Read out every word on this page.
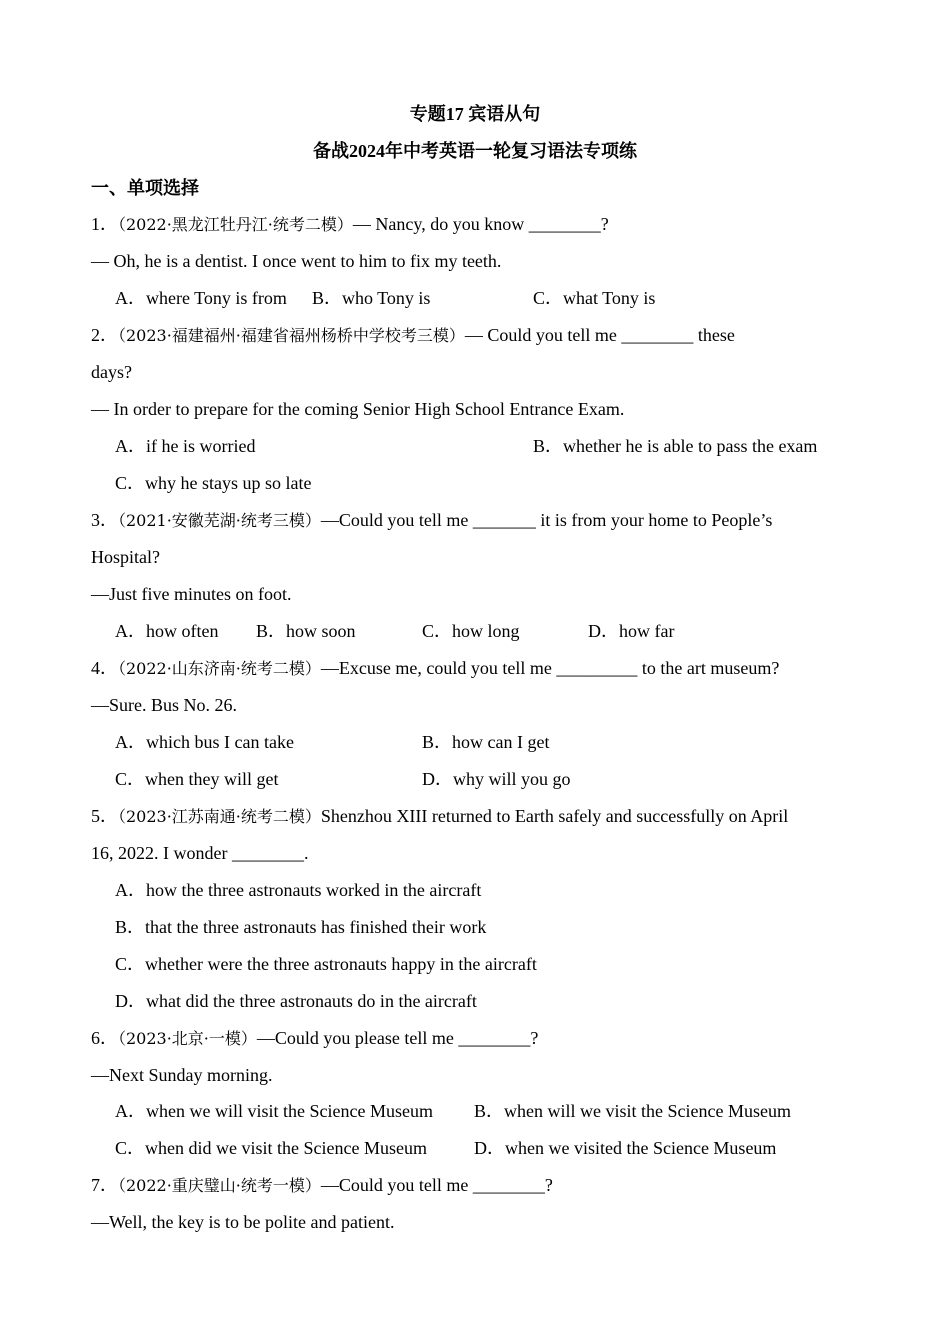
专题17 宾语从句
备战2024年中考英语一轮复习语法专项练
一、单项选择
1．（2022·黑龙江牡丹江·统考二模）— Nancy, do you know ________?
— Oh, he is a dentist. I once went to him to fix my teeth.
A．where Tony is from B．who Tony is	C．what Tony is
2．（2023·福建福州·福建省福州杨桥中学校考三模）— Could you tell me ________ these
days?
— In order to prepare for the coming Senior High School Entrance Exam.
A．if he is worried	B．whether he is able to pass the exam
C．why he stays up so late
3．（2021·安徽芜湖·统考三模）—Could you tell me _______ it is from your home to People’s
Hospital?
—Just five minutes on foot.
A．how often B．how soon	C．how long	D．how far
4．（2022·山东济南·统考二模）—Excuse me, could you tell me _________ to the art museum?
—Sure. Bus No. 26.
A．which bus I can take	B．how can I get
C．when they will get	D．why will you go
5．（2023·江苏南通·统考二模）Shenzhou XIII returned to Earth safely and successfully on April
16, 2022. I wonder ________.
A．how the three astronauts worked in the aircraft
B．that the three astronauts has finished their work
C．whether were the three astronauts happy in the aircraft
D．what did the three astronauts do in the aircraft
6．（2023·北京·一模）—Could you please tell me ________?
—Next Sunday morning.
A．when we will visit the Science Museum B．when will we visit the Science Museum
C．when did we visit the Science Museum	D．when we visited the Science Museum
7．（2022·重庆璧山·统考一模）—Could you tell me ________?
—Well, the key is to be polite and patient.
